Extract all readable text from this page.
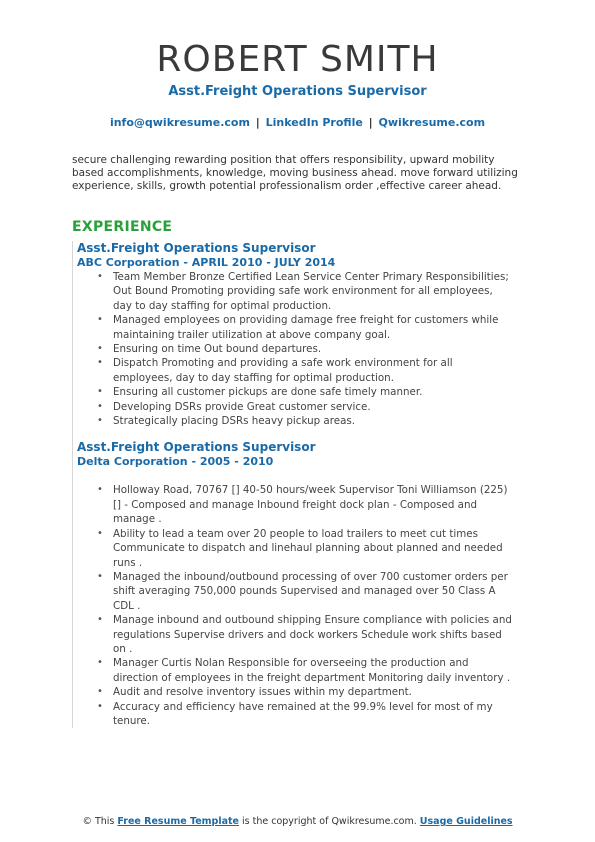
ROBERT SMITH
Asst.Freight Operations Supervisor
info@qwikresume.com | LinkedIn Profile | Qwikresume.com
secure challenging rewarding position that offers responsibility, upward mobility based accomplishments, knowledge, moving business ahead. move forward utilizing experience, skills, growth potential professionalism order ,effective career ahead.
EXPERIENCE
Asst.Freight Operations Supervisor
ABC Corporation - APRIL 2010 - JULY 2014
• Team Member Bronze Certified Lean Service Center Primary Responsibilities; Out Bound Promoting providing safe work environment for all employees, day to day staffing for optimal production.
• Managed employees on providing damage free freight for customers while maintaining trailer utilization at above company goal.
• Ensuring on time Out bound departures.
• Dispatch Promoting and providing a safe work environment for all employees, day to day staffing for optimal production.
• Ensuring all customer pickups are done safe timely manner.
• Developing DSRs provide Great customer service.
• Strategically placing DSRs heavy pickup areas.
Asst.Freight Operations Supervisor
Delta Corporation - 2005 - 2010
• Holloway Road, 70767 [] 40-50 hours/week Supervisor Toni Williamson (225) [] - Composed and manage Inbound freight dock plan - Composed and manage .
• Ability to lead a team over 20 people to load trailers to meet cut times Communicate to dispatch and linehaul planning about planned and needed runs .
• Managed the inbound/outbound processing of over 700 customer orders per shift averaging 750,000 pounds Supervised and managed over 50 Class A CDL .
• Manage inbound and outbound shipping Ensure compliance with policies and regulations Supervise drivers and dock workers Schedule work shifts based on .
• Manager Curtis Nolan Responsible for overseeing the production and direction of employees in the freight department Monitoring daily inventory .
• Audit and resolve inventory issues within my department.
• Accuracy and efficiency have remained at the 99.9% level for most of my tenure.
© This Free Resume Template is the copyright of Qwikresume.com. Usage Guidelines
